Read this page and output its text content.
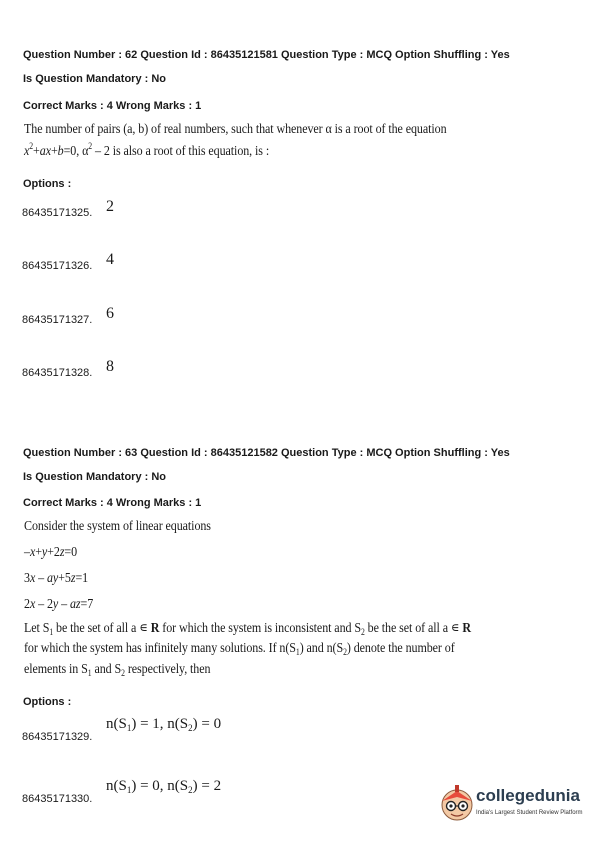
Question Number : 62 Question Id : 86435121581 Question Type : MCQ Option Shuffling : Yes
Is Question Mandatory : No
Correct Marks : 4 Wrong Marks : 1
The number of pairs (a, b) of real numbers, such that whenever α is a root of the equation
$x^2+ax+b=0$, $\alpha^2 - 2$ is also a root of this equation, is :
Options :
86435171325. 2
86435171326. 4
86435171327. 6
86435171328. 8
Question Number : 63 Question Id : 86435121582 Question Type : MCQ Option Shuffling : Yes
Is Question Mandatory : No
Correct Marks : 4 Wrong Marks : 1
Consider the system of linear equations
–x+y+2z=0
3x – ay+5z=1
2x – 2y – az=7
Let $S_1$ be the set of all a ∊ R for which the system is inconsistent and $S_2$ be the set of all a ∊ R
for which the system has infinitely many solutions. If $n(S_1)$ and $n(S_2)$ denote the number of
elements in $S_1$ and $S_2$ respectively, then
Options :
86435171329.
$n(S_1) = 1$, $n(S_2) = 0$
86435171330.
$n(S_1) = 0$, $n(S_2) = 2$	collegedunia
India's Largest Student Review Platform
